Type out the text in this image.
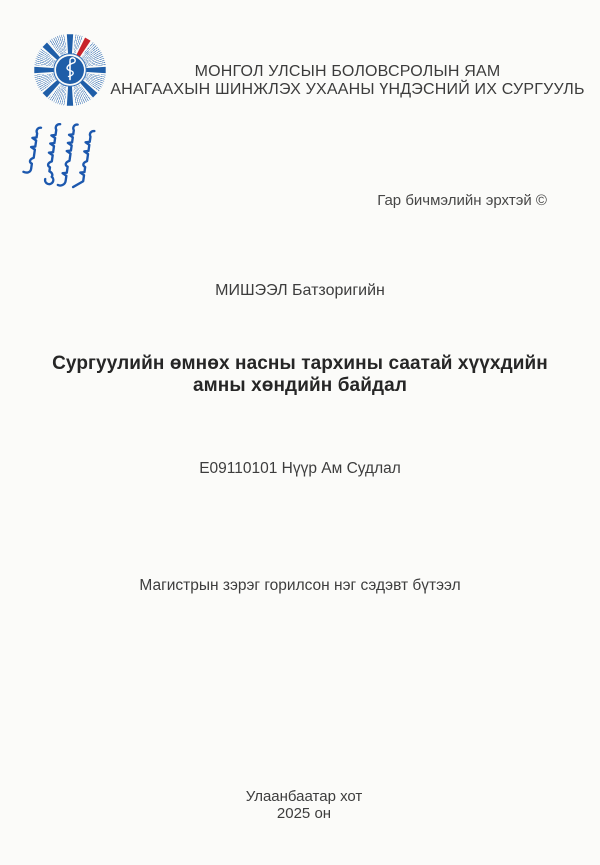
МОНГОЛ УЛСЫН БОЛОВСРОЛЫН ЯАМ
АНАГААХЫН ШИНЖЛЭХ УХААНЫ ҮНДЭСНИЙ ИХ СУРГУУЛЬ
Гар бичмэлийн эрхтэй ©
МИШЭЭЛ Батзоригийн
Сургуулийн өмнөх насны тархины саатай хүүхдийн
амны хөндийн байдал
Е09110101 Нүүр Ам Судлал
Магистрын зэрэг горилсон нэг сэдэвт бүтээл
Улаанбаатар хот
2025 он
